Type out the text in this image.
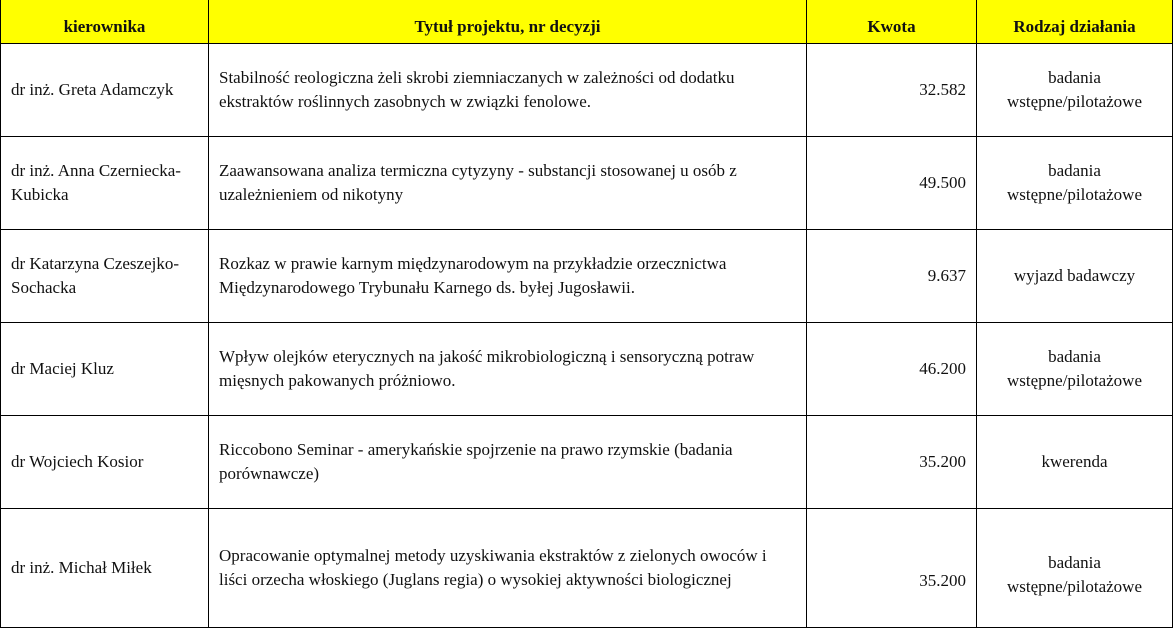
kierownika	Tytuł projektu, nr decyzji	Kwota	Rodzaj działania
dr inż. Greta Adamczyk	Stabilność reologiczna żeli skrobi ziemniaczanych w zależności od dodatku ekstraktów roślinnych zasobnych w związki fenolowe.	32.582	badania wstępne/pilotażowe
dr inż. Anna Czerniecka-Kubicka	Zaawansowana analiza termiczna cytyzyny - substancji stosowanej u osób z uzależnieniem od nikotyny	49.500	badania wstępne/pilotażowe
dr Katarzyna Czeszejko-Sochacka	Rozkaz w prawie karnym międzynarodowym na przykładzie orzecznictwa Międzynarodowego Trybunału Karnego ds. byłej Jugosławii.	9.637	wyjazd badawczy
dr Maciej Kluz	Wpływ olejków eterycznych na jakość mikrobiologiczną i sensoryczną potraw mięsnych pakowanych próżniowo.	46.200	badania wstępne/pilotażowe
dr Wojciech Kosior	Riccobono Seminar - amerykańskie spojrzenie na prawo rzymskie (badania porównawcze)	35.200	kwerenda
dr inż. Michał Miłek	Opracowanie optymalnej metody uzyskiwania ekstraktów z zielonych owoców i liści orzecha włoskiego (Juglans regia) o wysokiej aktywności biologicznej	35.200	badania wstępne/pilotażowe
